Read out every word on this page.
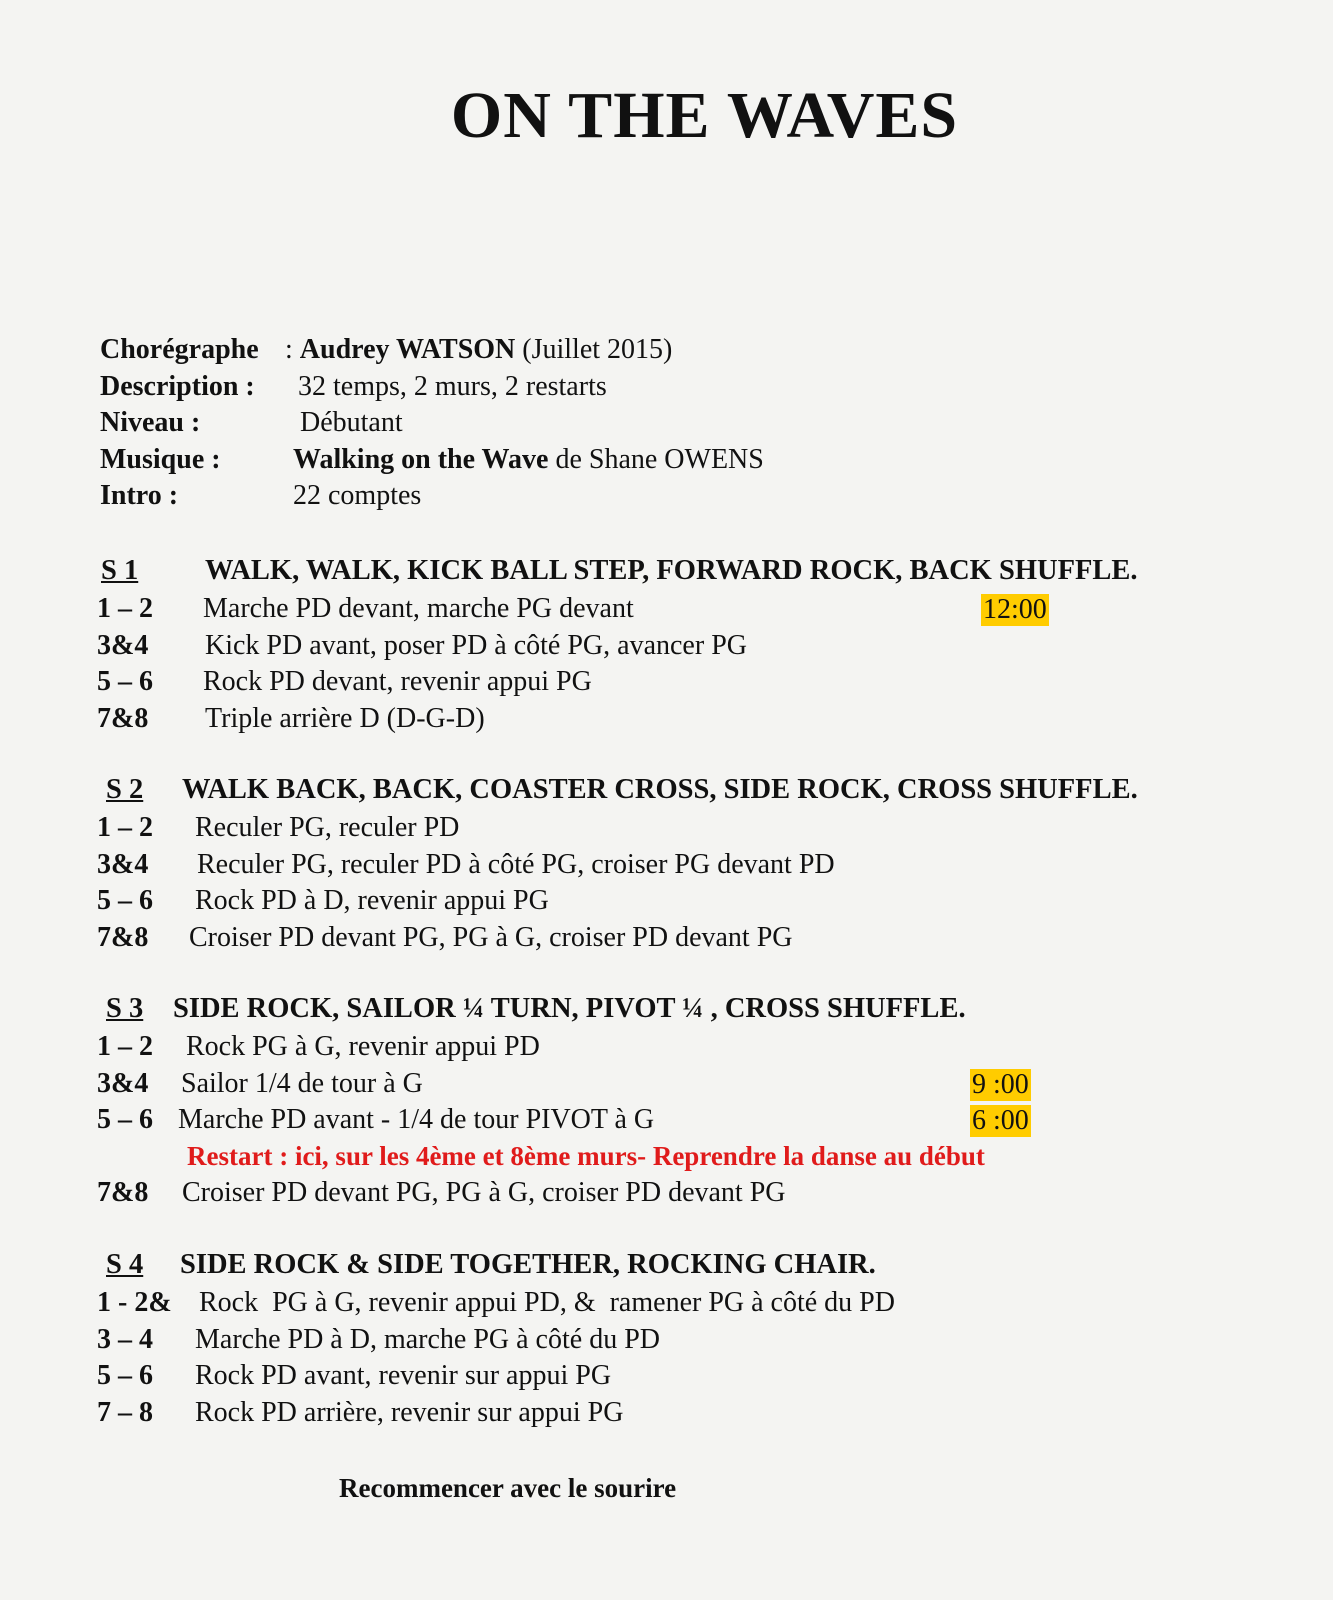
ON THE WAVES
Chorégraphe : Audrey WATSON (Juillet 2015)
Description : 32 temps, 2 murs, 2 restarts
Niveau :	Débutant
Musique :	Walking on the Wave de Shane OWENS
Intro :	22 comptes
S 1 WALK, WALK, KICK BALL STEP, FORWARD ROCK, BACK SHUFFLE.
1 – 2 Marche PD devant, marche PG devant	12:00
3&4 Kick PD avant, poser PD à côté PG, avancer PG
5 – 6 Rock PD devant, revenir appui PG
7&8 Triple arrière D (D-G-D)
S 2 WALK BACK, BACK, COASTER CROSS, SIDE ROCK, CROSS SHUFFLE.
1 – 2 Reculer PG, reculer PD
3&4 Reculer PG, reculer PD à côté PG, croiser PG devant PD
5 – 6 Rock PD à D, revenir appui PG
7&8 Croiser PD devant PG, PG à G, croiser PD devant PG
S 3 SIDE ROCK, SAILOR ¼ TURN, PIVOT ¼ , CROSS SHUFFLE.
1 – 2 Rock PG à G, revenir appui PD
3&4 Sailor 1/4 de tour à G	9 :00
5 – 6 Marche PD avant - 1/4 de tour PIVOT à G	6 :00
Restart : ici, sur les 4ème et 8ème murs- Reprendre la danse au début
7&8 Croiser PD devant PG, PG à G, croiser PD devant PG
S 4 SIDE ROCK & SIDE TOGETHER, ROCKING CHAIR.
1 - 2& Rock  PG à G, revenir appui PD, &  ramener PG à côté du PD
3 – 4 Marche PD à D, marche PG à côté du PD
5 – 6 Rock PD avant, revenir sur appui PG
7 – 8 Rock PD arrière, revenir sur appui PG
Recommencer avec le sourire
